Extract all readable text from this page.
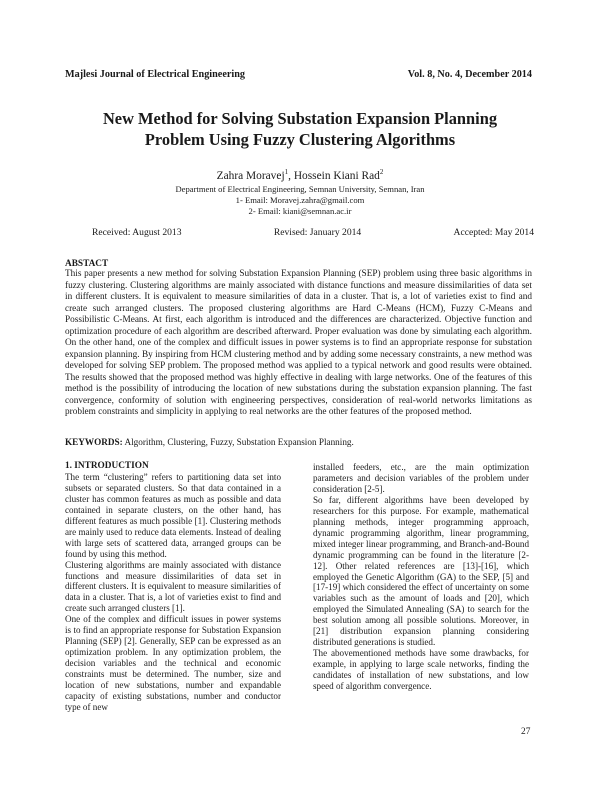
Majlesi Journal of Electrical Engineering	Vol. 8, No. 4, December 2014
New Method for Solving Substation Expansion Planning
Problem Using Fuzzy Clustering Algorithms
Zahra Moravej$^1$, Hossein Kiani Rad$^2$
Department of Electrical Engineering, Semnan University, Semnan, Iran
1- Email: Moravej.zahra@gmail.com
2- Email: kiani@semnan.ac.ir
Received: August 2013	Revised: January 2014	Accepted: May 2014
ABSTACT

This paper presents a new method for solving Substation Expansion Planning (SEP) problem using three basic algorithms in fuzzy clustering. Clustering algorithms are mainly associated with distance functions and measure dissimilarities of data set in different clusters. It is equivalent to measure similarities of data in a cluster. That is, a lot of varieties exist to find and create such arranged clusters. The proposed clustering algorithms are Hard C-Means (HCM), Fuzzy C-Means and Possibilistic C-Means. At first, each algorithm is introduced and the differences are characterized. Objective function and optimization procedure of each algorithm are described afterward. Proper evaluation was done by simulating each algorithm. On the other hand, one of the complex and difficult issues in power systems is to find an appropriate response for substation expansion planning. By inspiring from HCM clustering method and by adding some necessary constraints, a new method was developed for solving SEP problem. The proposed method was applied to a typical network and good results were obtained. The results showed that the proposed method was highly effective in dealing with large networks. One of the features of this method is the possibility of introducing the location of new substations during the substation expansion planning. The fast convergence, conformity of solution with engineering perspectives, consideration of real-world networks limitations as problem constraints and simplicity in applying to real networks are the other features of the proposed method.

KEYWORDS: Algorithm, Clustering, Fuzzy, Substation Expansion Planning.
1. INTRODUCTION

The term “clustering” refers to partitioning data set into subsets or separated clusters. So that data contained in a cluster has common features as much as possible and data contained in separate clusters, on the other hand, has different features as much possible [1]. Clustering methods are mainly used to reduce data elements. Instead of dealing with large sets of scattered data, arranged groups can be found by using this method.

Clustering algorithms are mainly associated with distance functions and measure dissimilarities of data set in different clusters. It is equivalent to measure similarities of data in a cluster. That is, a lot of varieties exist to find and create such arranged clusters [1].

One of the complex and difficult issues in power systems is to find an appropriate response for Substation Expansion Planning (SEP) [2]. Generally, SEP can be expressed as an optimization problem. In any optimization problem, the decision variables and the technical and economic constraints must be determined. The number, size and location of new substations, number and expandable capacity of existing substations, number and conductor type of new

installed feeders, etc., are the main optimization parameters and decision variables of the problem under consideration [2-5].

So far, different algorithms have been developed by researchers for this purpose. For example, mathematical planning methods, integer programming approach, dynamic programming algorithm, linear programming, mixed integer linear programming, and Branch-and-Bound dynamic programming can be found in the literature [2-12]. Other related references are [13]-[16], which employed the Genetic Algorithm (GA) to the SEP, [5] and [17-19] which considered the effect of uncertainty on some variables such as the amount of loads and [20], which employed the Simulated Annealing (SA) to search for the best solution among all possible solutions. Moreover, in [21] distribution expansion planning considering distributed generations is studied.

The abovementioned methods have some drawbacks, for example, in applying to large scale networks, finding the candidates of installation of new substations, and low speed of algorithm convergence.

27
